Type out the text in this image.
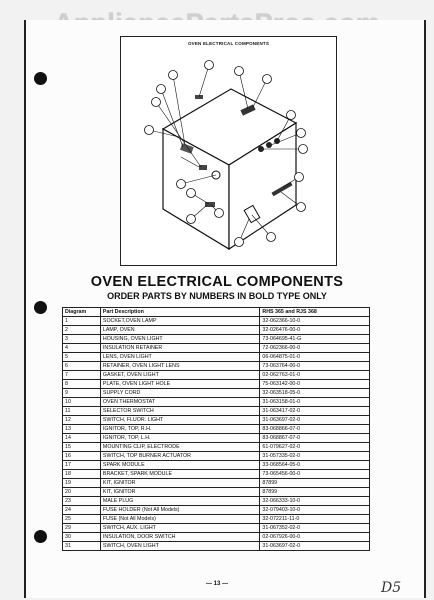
OVEN ELECTRICAL COMPONENTS
OVEN ELECTRICAL COMPONENTS
ORDER PARTS BY NUMBERS IN BOLD TYPE ONLY
Diagram	Part Description	RHS 365 and RJS 368
1	SOCKET,OVEN LAMP	32-062366-10-0
2	LAMP, OVEN	32-026476-00-0
3	HOUSING, OVEN LIGHT	73-064695-41-G
4	INSULATION RETAINER	72-062366-00-0
5	LENS, OVEN LIGHT	06-064875-01-0
6	RETAINER, OVEN LIGHT LENS	73-063764-00-0
7	GASKET, OVEN LIGHT	02-062763-01-0
8	PLATE, OVEN LIGHT HOLE	75-063142-00-0
9	SUPPLY CORD	32-063518-05-0
10	OVEN THERMOSTAT	31-063158-01-0
11	SELECTOR SWITCH	31-063417-02-0
12	SWITCH, FLUOR. LIGHT	31-063697-02-0
13	IGNITOR, TOP, R.H.	83-068866-07-0
14	IGNITOR, TOP, L.H.	83-068867-07-0
15	MOUNTING CLIP, ELECTRODE	61-079627-02-0
16	SWITCH, TOP BURNER ACTUATOR	31-057335-02-0
17	SPARK MODULE	33-068564-05-0
18	BRACKET, SPARK MODULE	73-065456-00-0
19	KIT, IGNITOR	87899
20	KIT, IGNITOR	87899
23	MALE PLUG	32-066333-10-0
24	FUSE HOLDER (Not All Models)	32-079403-10-0
25	FUSE (Not All Models)	32-072211-11-0
29	SWITCH, AUX. LIGHT	31-067352-02-0
30	INSULATION, DOOR SWITCH	02-067926-00-0
31	SWITCH, OVEN LIGHT	31-063697-02-0
— 13 —	D5
